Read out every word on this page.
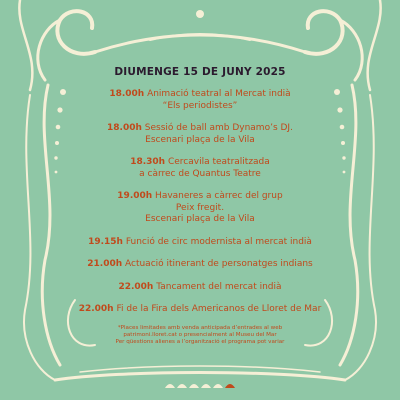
DIUMENGE 15 DE JUNY 2025
18.00h Animació teatral al Mercat indià
“Els periodistes”
18.00h Sessió de ball amb Dynamo’s DJ.
Escenari plaça de la Vila
18.30h Cercavila teatralitzada
a càrrec de Quantus Teatre
19.00h Havaneres a càrrec del grup
Peix fregit.
Escenari plaça de la Vila
19.15h Funció de circ modernista al mercat indià
21.00h Actuació itinerant de personatges indians
22.00h Tancament del mercat indià
22.00h Fi de la Fira dels Americanos de Lloret de Mar
*Places limitades amb venda anticipada d’entrades al web
patrimoni.lloret.cat o presencialment al Museu del Mar
Per qüestions alienes a l’organització el programa pot variar
